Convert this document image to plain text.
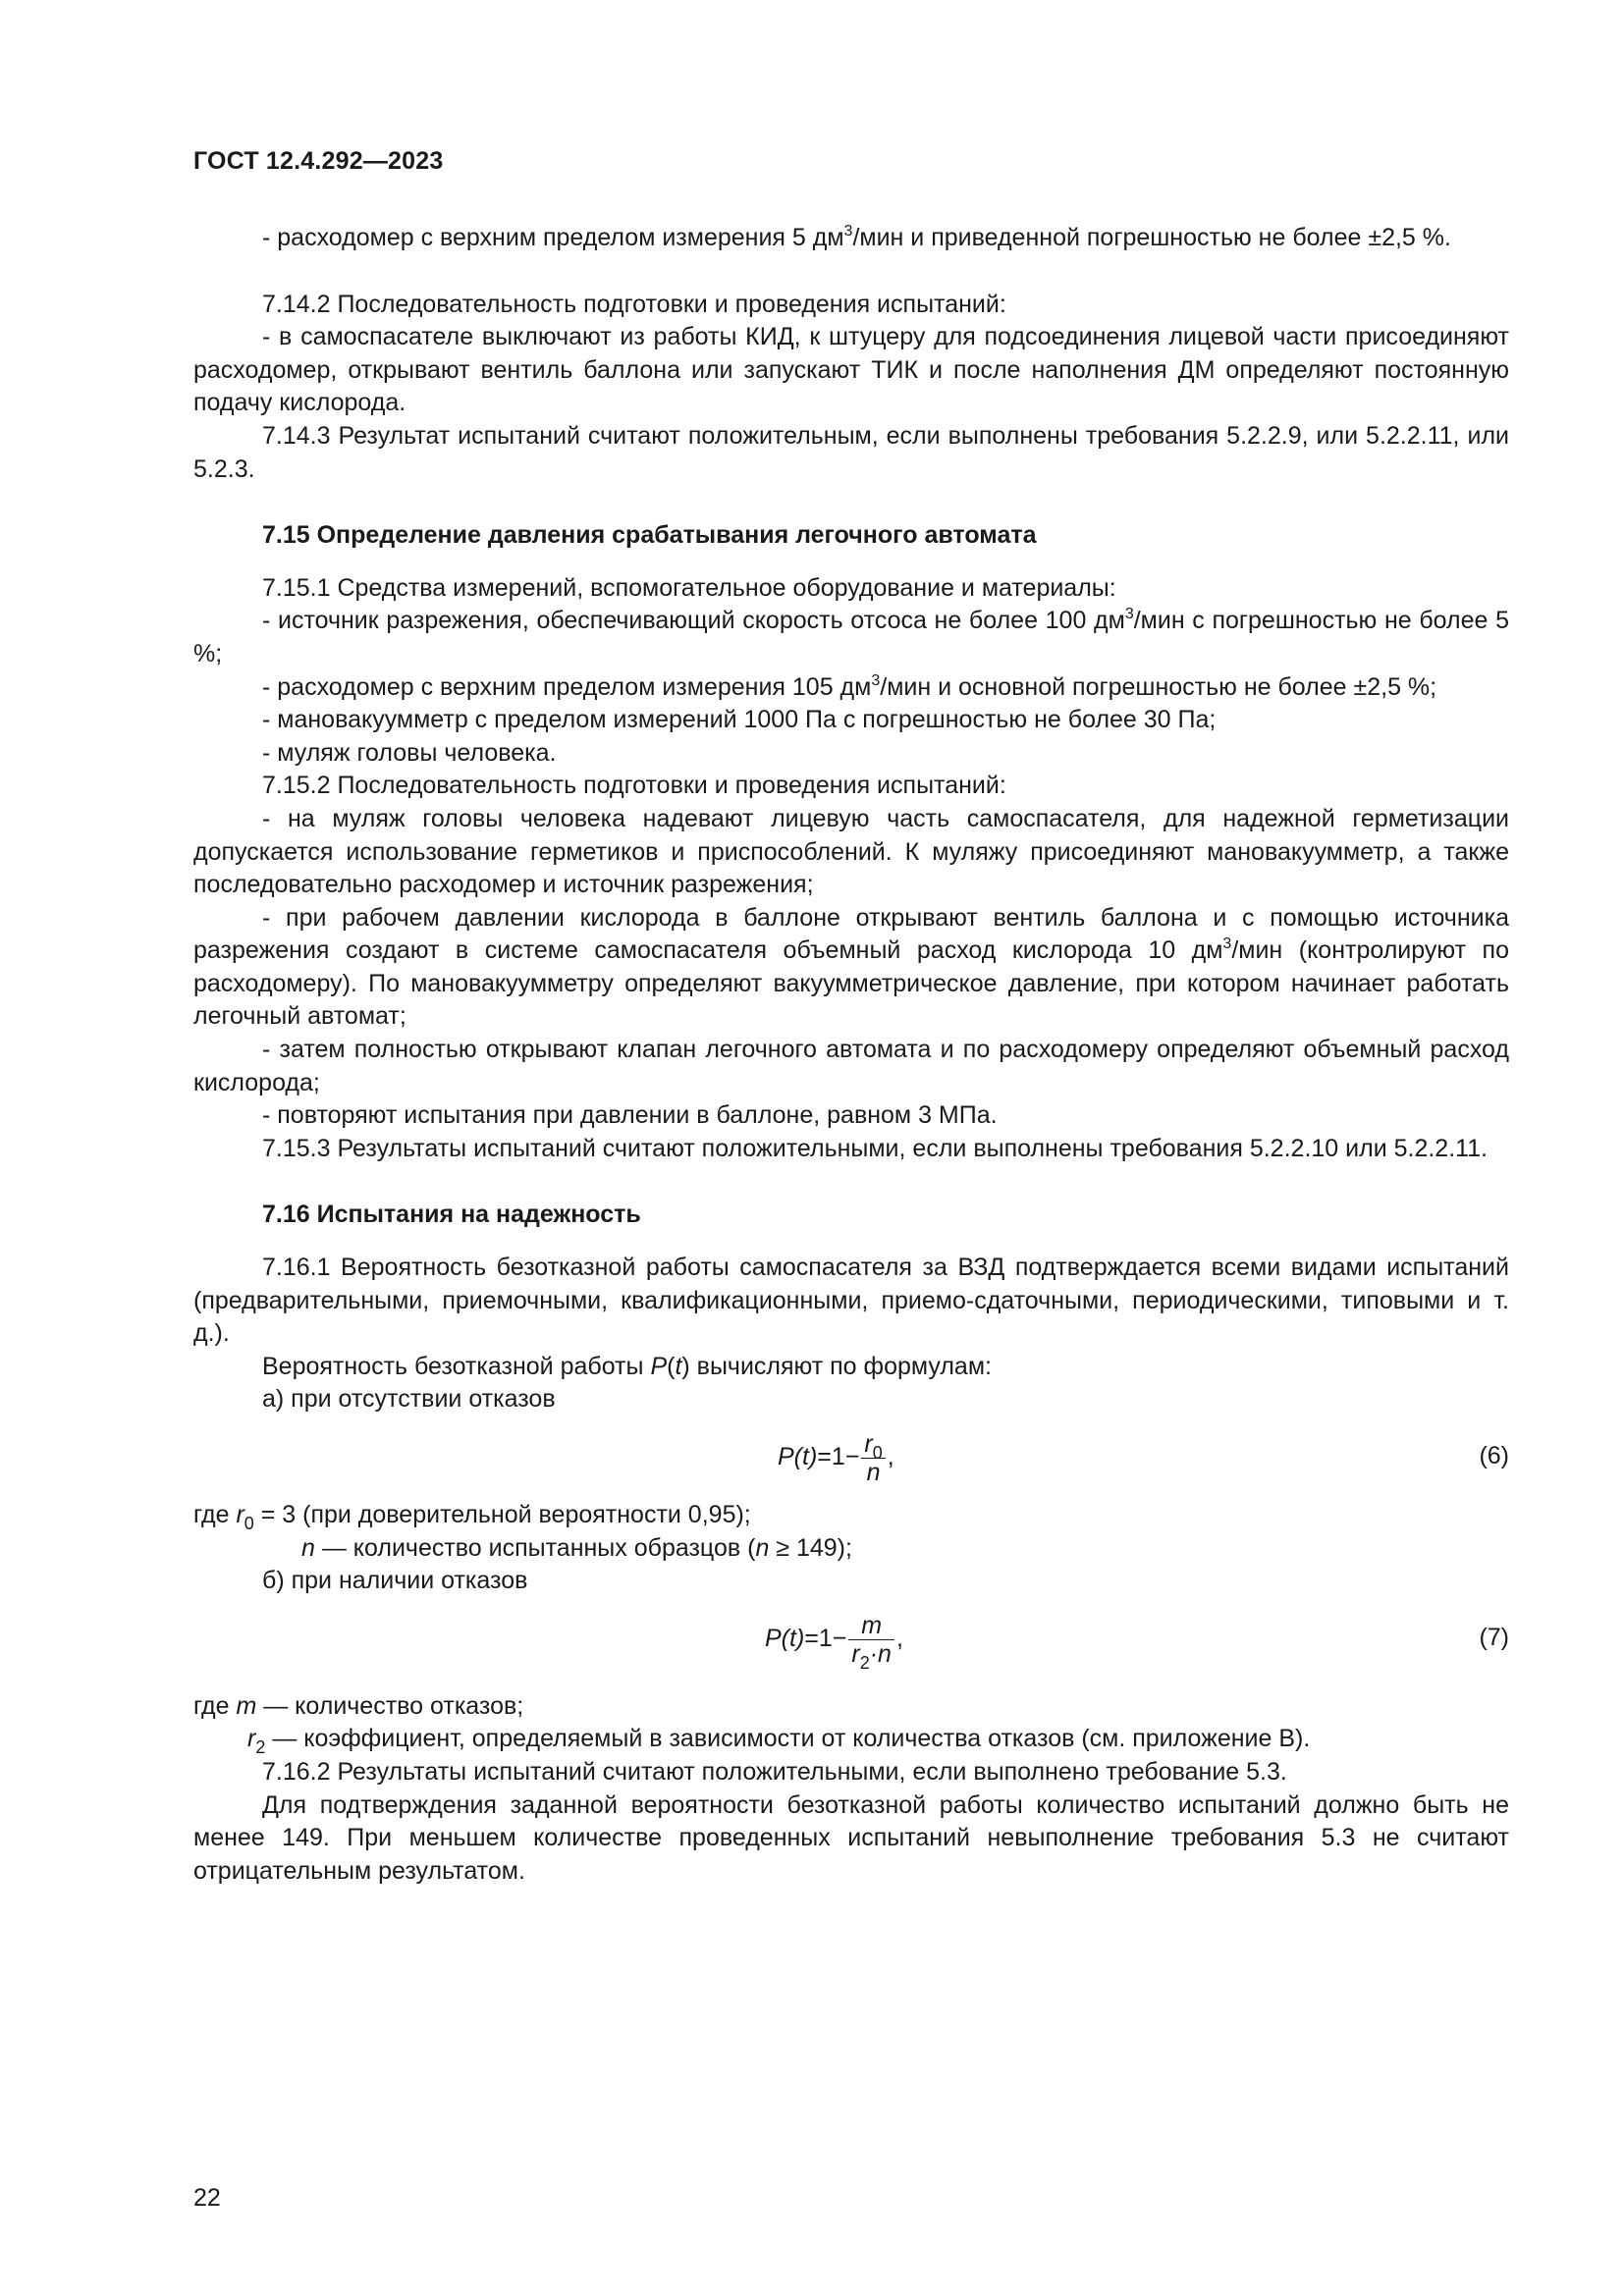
ГОСТ 12.4.292—2023

- расходомер с верхним пределом измерения 5 $дм^3$/мин и приведенной погрешностью не более ±2,5 %.

7.14.2 Последовательность подготовки и проведения испытаний:

- в самоспасателе выключают из работы КИД, к штуцеру для подсоединения лицевой части присоединяют расходомер, открывают вентиль баллона или запускают ТИК и после наполнения ДМ определяют постоянную подачу кислорода.

7.14.3 Результат испытаний считают положительным, если выполнены требования 5.2.2.9, или 5.2.2.11, или 5.2.3.

7.15 Определение давления срабатывания легочного автомата

7.15.1 Средства измерений, вспомогательное оборудование и материалы:

- источник разрежения, обеспечивающий скорость отсоса не более 100 $дм^3$/мин с погрешностью не более 5 %;

- расходомер с верхним пределом измерения 105 $дм^3$/мин и основной погрешностью не более ±2,5 %;

- мановакуумметр с пределом измерений 1000 Па с погрешностью не более 30 Па;

- муляж головы человека.

7.15.2 Последовательность подготовки и проведения испытаний:

- на муляж головы человека надевают лицевую часть самоспасателя, для надежной герметизации допускается использование герметиков и приспособлений. К муляжу присоединяют мановакуумметр, а также последовательно расходомер и источник разрежения;

- при рабочем давлении кислорода в баллоне открывают вентиль баллона и с помощью источника разрежения создают в системе самоспасателя объемный расход кислорода 10 $дм^3$/мин (контролируют по расходомеру). По мановакуумметру определяют вакуумметрическое давление, при котором начинает работать легочный автомат;

- затем полностью открывают клапан легочного автомата и по расходомеру определяют объемный расход кислорода;

- повторяют испытания при давлении в баллоне, равном 3 МПа.

7.15.3 Результаты испытаний считают положительными, если выполнены требования 5.2.2.10 или 5.2.2.11.

7.16 Испытания на надежность

7.16.1 Вероятность безотказной работы самоспасателя за ВЗД подтверждается всеми видами испытаний (предварительными, приемочными, квалификационными, приемо-сдаточными, периодическими, типовыми и т. д.).

Вероятность безотказной работы P(t) вычисляют по формулам:

а) при отсутствии отказов

$P(t)=1- \frac{r_0}{n}$ ,	(6)

где $r_0 = 3$ (при доверительной вероятности 0,95);

n — количество испытанных образцов (n ≥ 149);

б) при наличии отказов

$P(t)=1- \frac{m}{r_2\cdot n}$ ,	(7)

где m — количество отказов;

$r_2$ — коэффициент, определяемый в зависимости от количества отказов (см. приложение В).

7.16.2 Результаты испытаний считают положительными, если выполнено требование 5.3.

Для подтверждения заданной вероятности безотказной работы количество испытаний должно быть не менее 149. При меньшем количестве проведенных испытаний невыполнение требования 5.3 не считают отрицательным результатом.

22
